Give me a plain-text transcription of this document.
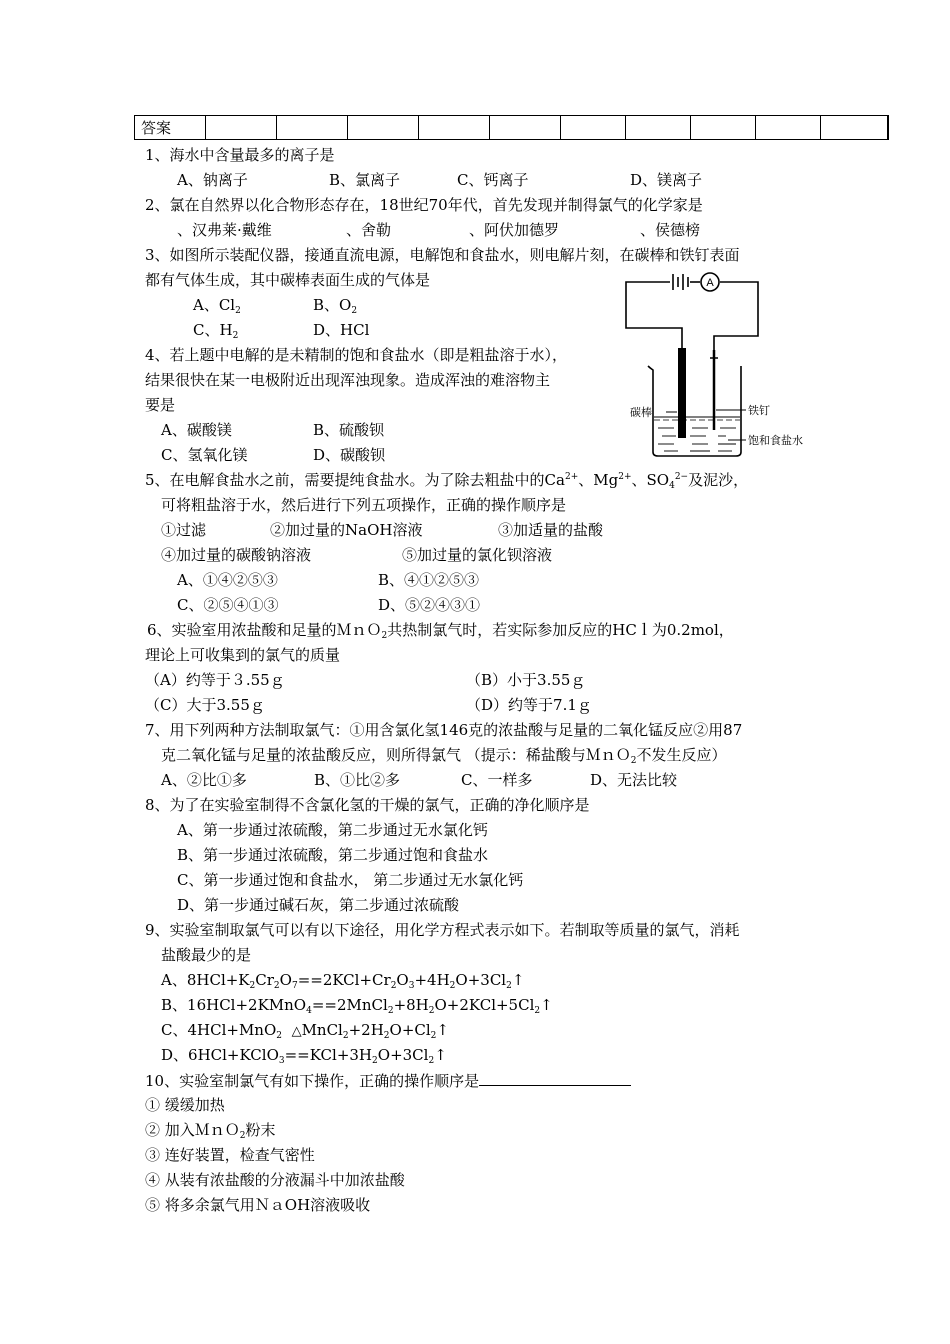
答案										
1、海水中含量最多的离子是
A、钠离子	B、氯离子	C、钙离子	D、镁离子
2、氯在自然界以化合物形态存在，18世纪70年代，首先发现并制得氯气的化学家是
、汉弗莱·戴维	、舍勒	、阿伏加德罗	、侯德榜
3、如图所示装配仪器，接通直流电源，电解饱和食盐水，则电解片刻，在碳棒和铁钉表面
都有气体生成，其中碳棒表面生成的气体是
A、$Cl_2$	B、$O_2$
C、$H_2$	D、HCl
A
碳棒	铁钉
饱和食盐水
4、若上题中电解的是未精制的饱和食盐水（即是粗盐溶于水），
结果很快在某一电极附近出现浑浊现象。造成浑浊的难溶物主
要是
A、碳酸镁	B、硫酸钡
C、氢氧化镁	D、碳酸钡
5、在电解食盐水之前，需要提纯食盐水。为了除去粗盐中的$Ca^{2+}$、$Mg^{2+}$、$SO_4^{2-}$及泥沙，
可将粗盐溶于水，然后进行下列五项操作，正确的操作顺序是
①过滤	②加过量的NaOH溶液	③加适量的盐酸
④加过量的碳酸钠溶液	⑤加过量的氯化钡溶液
A、①④②⑤③	B、④①②⑤③
C、②⑤④①③	D、⑤②④③①
6、实验室用浓盐酸和足量的ＭｎＯ$_2$共热制氯气时，若实际参加反应的HCｌ为0.2mol，
理论上可收集到的氯气的质量
（A）约等于３.55ｇ	（B）小于3.55ｇ
（C）大于3.55ｇ	（D）约等于7.1ｇ
7、用下列两种方法制取氯气：①用含氯化氢146克的浓盐酸与足量的二氧化锰反应②用87
克二氧化锰与足量的浓盐酸反应，则所得氯气 （提示：稀盐酸与ＭｎＯ$_2$不发生反应）
A、②比①多	B、①比②多	C、一样多	D、无法比较
8、为了在实验室制得不含氯化氢的干燥的氯气，正确的净化顺序是
A、第一步通过浓硫酸，第二步通过无水氯化钙
B、第一步通过浓硫酸，第二步通过饱和食盐水
C、第一步通过饱和食盐水， 第二步通过无水氯化钙
D、第一步通过碱石灰，第二步通过浓硫酸
9、实验室制取氯气可以有以下途径，用化学方程式表示如下。若制取等质量的氯气，消耗
盐酸最少的是
A、$8HCl+K_2Cr_2O_7==2KCl+Cr_2O_3+4H_2O+3Cl_2↑$
B、$16HCl+2KMnO_4==2MnCl_2+8H_2O+2KCl+5Cl_2↑$
C、4HCl+MnO$_2$ $\triangle MnCl_2+2H_2O+Cl_2↑$
D、$6HCl+KClO_3==KCl+3H_2O+3Cl_2↑$
10、实验室制氯气有如下操作，正确的操作顺序是
① 缓缓加热
② 加入ＭｎＯ$_2$粉末
③ 连好装置，检查气密性
④ 从装有浓盐酸的分液漏斗中加浓盐酸
⑤ 将多余氯气用ＮａOH溶液吸收
